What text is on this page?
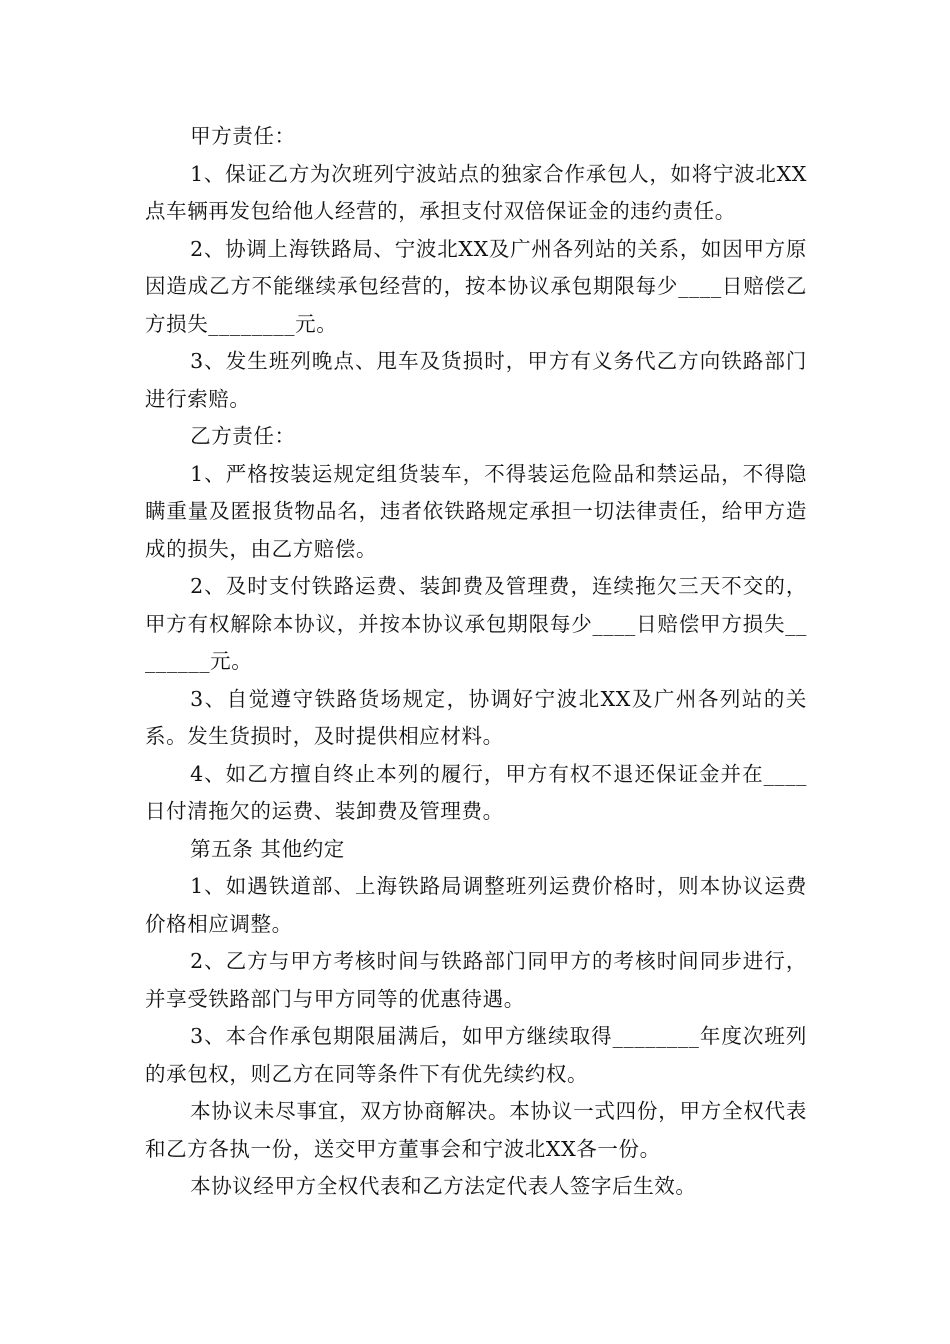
甲方责任：

1、保证乙方为次班列宁波站点的独家合作承包人，如将宁波北XX点车辆再发包给他人经营的，承担支付双倍保证金的违约责任。

2、协调上海铁路局、宁波北XX及广州各列站的关系，如因甲方原因造成乙方不能继续承包经营的，按本协议承包期限每少____日赔偿乙方损失________元。

3、发生班列晚点、甩车及货损时，甲方有义务代乙方向铁路部门进行索赔。

乙方责任：

1、严格按装运规定组货装车，不得装运危险品和禁运品，不得隐瞒重量及匿报货物品名，违者依铁路规定承担一切法律责任，给甲方造成的损失，由乙方赔偿。

2、及时支付铁路运费、装卸费及管理费，连续拖欠三天不交的，甲方有权解除本协议，并按本协议承包期限每少____日赔偿甲方损失________元。

3、自觉遵守铁路货场规定，协调好宁波北XX及广州各列站的关系。发生货损时，及时提供相应材料。

4、如乙方擅自终止本列的履行，甲方有权不退还保证金并在____日付清拖欠的运费、装卸费及管理费。

第五条 其他约定

1、如遇铁道部、上海铁路局调整班列运费价格时，则本协议运费价格相应调整。

2、乙方与甲方考核时间与铁路部门同甲方的考核时间同步进行，并享受铁路部门与甲方同等的优惠待遇。

3、本合作承包期限届满后，如甲方继续取得________年度次班列的承包权，则乙方在同等条件下有优先续约权。

本协议未尽事宜，双方协商解决。本协议一式四份，甲方全权代表和乙方各执一份，送交甲方董事会和宁波北XX各一份。

本协议经甲方全权代表和乙方法定代表人签字后生效。
